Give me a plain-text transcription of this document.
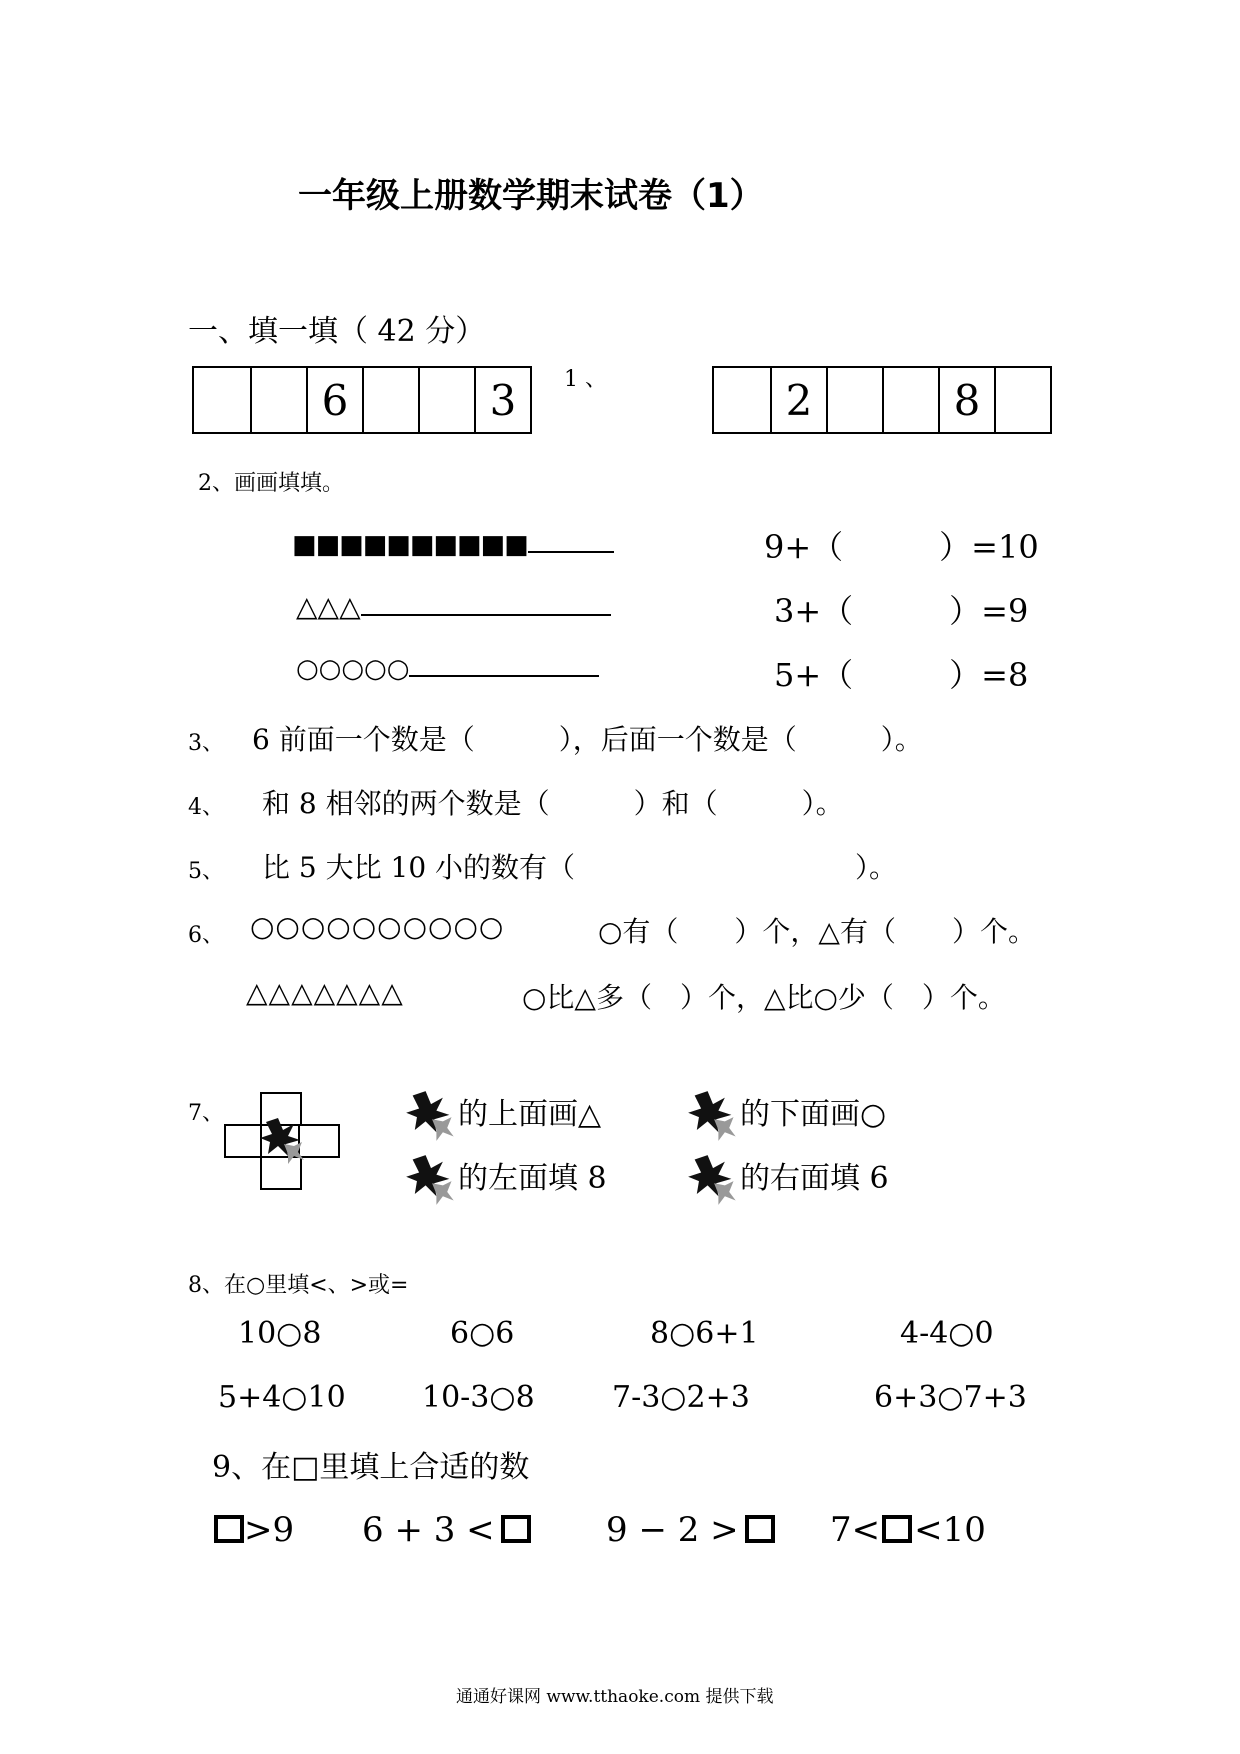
一年级上册数学期末试卷（1）
一、填一填（ 42 分）
6	3	1 、	2	8
2、画画填填。
■■■■■■■■■■
△△△
○○○○○
9+（　　　）=10
3+（　　　）=9
5+（　　　）=8
3、 6 前面一个数是（　　　），后面一个数是（　　　）。
4、 和 8 相邻的两个数是（　　　）和（　　　）。
5、 比 5 大比 10 小的数有（　　　　　　　　　　）。
6、 ○○○○○○○○○○	○有（　　）个，△有（　　）个。
△△△△△△△	○比△多（　）个，△比○少（　）个。
7、	的上面画△	的下面画○
的左面填 8	的右面填 6
8、在○里填<、>或=
10○8	6○6	8○6+1	4-4○0
5+4○10	10-3○8	7-3○2+3	6+3○7+3
9、在□里填上合适的数
>9 6 + 3 <	9 − 2 >	7< <10
通通好课网 www.tthaoke.com 提供下载
